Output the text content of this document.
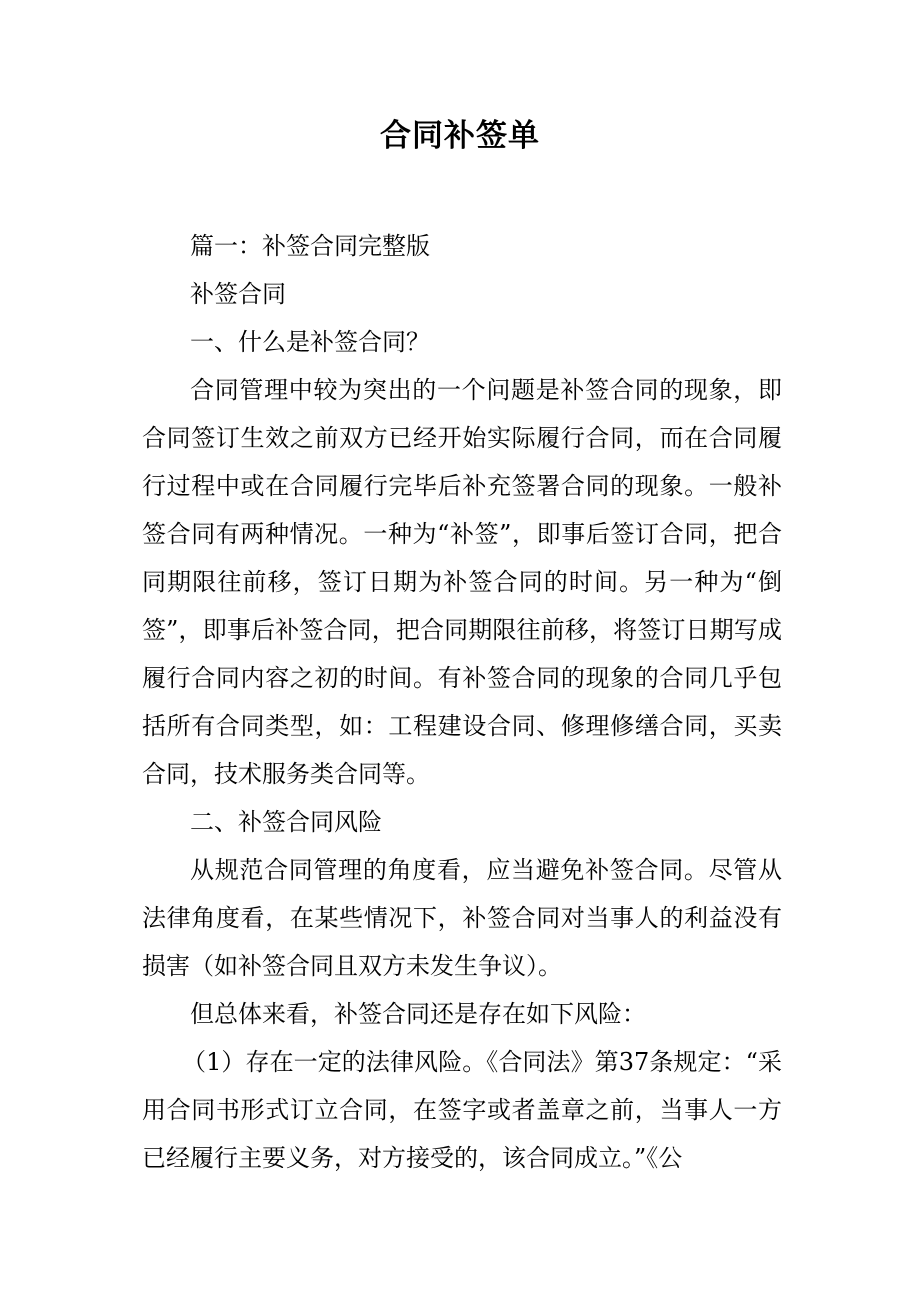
合同补签单

篇一：补签合同完整版

补签合同

一、什么是补签合同？

合同管理中较为突出的一个问题是补签合同的现象，即合同签订生效之前双方已经开始实际履行合同，而在合同履行过程中或在合同履行完毕后补充签署合同的现象。一般补签合同有两种情况。一种为“补签”，即事后签订合同，把合同期限往前移，签订日期为补签合同的时间。另一种为“倒签”，即事后补签合同，把合同期限往前移，将签订日期写成履行合同内容之初的时间。有补签合同的现象的合同几乎包括所有合同类型，如：工程建设合同、修理修缮合同，买卖合同，技术服务类合同等。

二、补签合同风险

从规范合同管理的角度看，应当避免补签合同。尽管从法律角度看，在某些情况下，补签合同对当事人的利益没有损害（如补签合同且双方未发生争议）。

但总体来看，补签合同还是存在如下风险：

（1）存在一定的法律风险。《合同法》第37条规定：“采用合同书形式订立合同，在签字或者盖章之前，当事人一方已经履行主要义务，对方接受的，该合同成立。”《公
